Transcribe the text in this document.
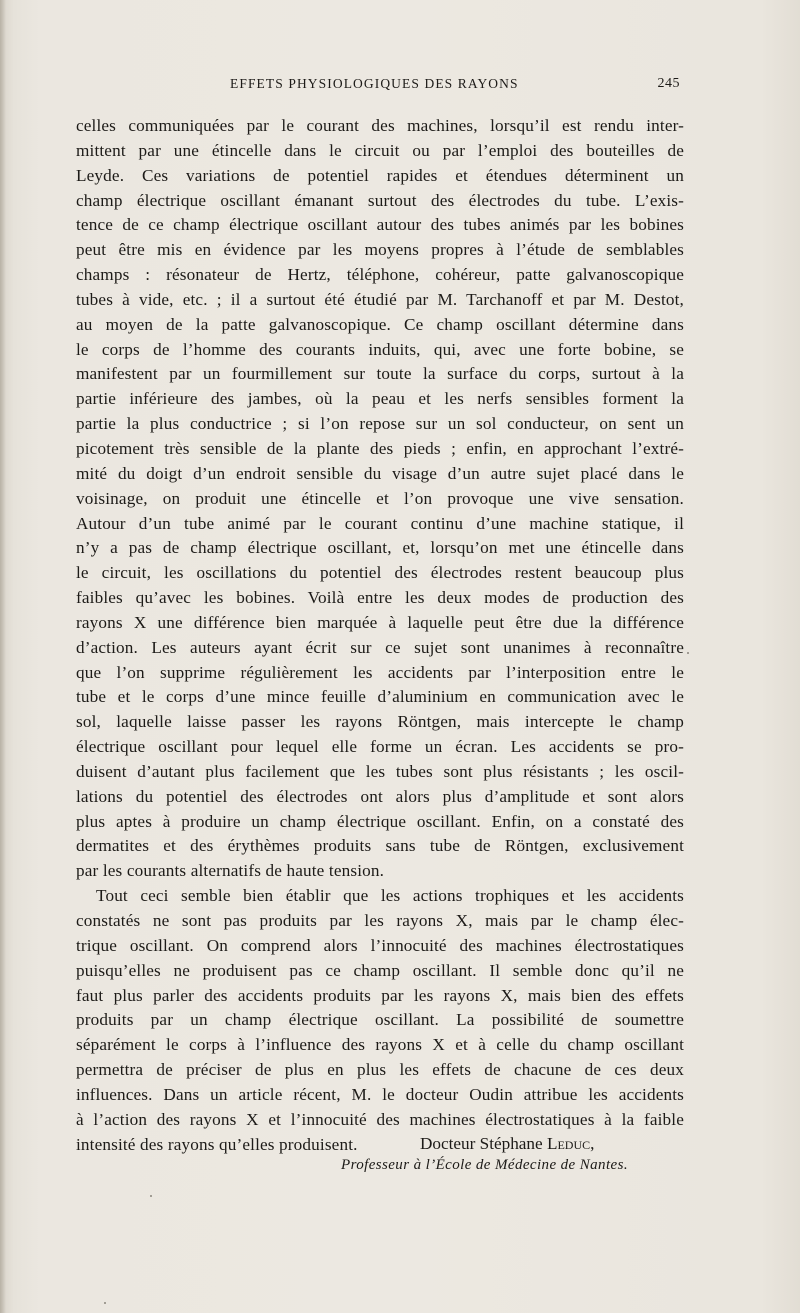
EFFETS PHYSIOLOGIQUES DES RAYONS	245
celles communiquées par le courant des machines, lorsqu’il est rendu inter-
mittent par une étincelle dans le circuit ou par l’emploi des bouteilles de
Leyde. Ces variations de potentiel rapides et étendues déterminent un
champ électrique oscillant émanant surtout des électrodes du tube. L’exis-
tence de ce champ électrique oscillant autour des tubes animés par les bobines
peut être mis en évidence par les moyens propres à l’étude de semblables
champs : résonateur de Hertz, téléphone, cohéreur, patte galvanoscopique
tubes à vide, etc. ; il a surtout été étudié par M. Tarchanoff et par M. Destot,
au moyen de la patte galvanoscopique. Ce champ oscillant détermine dans
le corps de l’homme des courants induits, qui, avec une forte bobine, se
manifestent par un fourmillement sur toute la surface du corps, surtout à la
partie inférieure des jambes, où la peau et les nerfs sensibles forment la
partie la plus conductrice ; si l’on repose sur un sol conducteur, on sent un
picotement très sensible de la plante des pieds ; enfin, en approchant l’extré-
mité du doigt d’un endroit sensible du visage d’un autre sujet placé dans le
voisinage, on produit une étincelle et l’on provoque une vive sensation.
Autour d’un tube animé par le courant continu d’une machine statique, il
n’y a pas de champ électrique oscillant, et, lorsqu’on met une étincelle dans
le circuit, les oscillations du potentiel des électrodes restent beaucoup plus
faibles qu’avec les bobines. Voilà entre les deux modes de production des
rayons X une différence bien marquée à laquelle peut être due la différence
d’action. Les auteurs ayant écrit sur ce sujet sont unanimes à reconnaître
que l’on supprime régulièrement les accidents par l’interposition entre le
tube et le corps d’une mince feuille d’aluminium en communication avec le
sol, laquelle laisse passer les rayons Röntgen, mais intercepte le champ
électrique oscillant pour lequel elle forme un écran. Les accidents se pro-
duisent d’autant plus facilement que les tubes sont plus résistants ; les oscil-
lations du potentiel des électrodes ont alors plus d’amplitude et sont alors
plus aptes à produire un champ électrique oscillant. Enfin, on a constaté des
dermatites et des érythèmes produits sans tube de Röntgen, exclusivement
par les courants alternatifs de haute tension.
Tout ceci semble bien établir que les actions trophiques et les accidents
constatés ne sont pas produits par les rayons X, mais par le champ élec-
trique oscillant. On comprend alors l’innocuité des machines électrostatiques
puisqu’elles ne produisent pas ce champ oscillant. Il semble donc qu’il ne
faut plus parler des accidents produits par les rayons X, mais bien des effets
produits par un champ électrique oscillant. La possibilité de soumettre
séparément le corps à l’influence des rayons X et à celle du champ oscillant
permettra de préciser de plus en plus les effets de chacune de ces deux
influences. Dans un article récent, M. le docteur Oudin attribue les accidents
à l’action des rayons X et l’innocuité des machines électrostatiques à la faible
intensité des rayons qu’elles produisent.	Docteur Stéphane Leduc,
Professeur à l’École de Médecine de Nantes.
